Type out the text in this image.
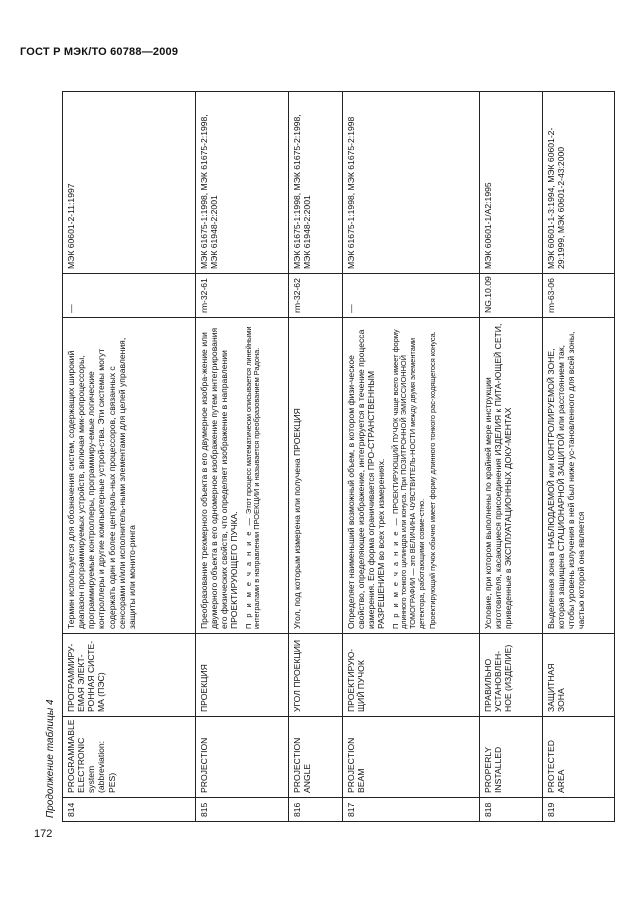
ГОСТ Р МЭК/ТО 60788—2009
Продолжение таблицы 4	814	PROGRAMMABLE ELECTRONIC system (abbreviation: PES)	ПРОГРАММИРУ-ЕМАЯ ЭЛЕКТ-РОННАЯ СИСТЕ-МА (ПЭС)	Термин используется для обозначения систем, содержащих широкий диапазон программируемых устройств, включая мик-ропроцессоры, программируемые контроллеры, программиру-емые логические контроллеры и другие компьютерные устрой-ства. Эти системы могут содержать один и более централь-ных процессоров, связанных с сенсорами и/или исполнитель-ными элементами для целей управления, защиты или монито-ринга	—	МЭК 60601-2-11:1997

815	PROJECTION	ПРОЕКЦИЯ	Преобразование трехмерного объекта в его двумерное изобра-жение или двумерного объекта в его одномерное изображение путем интегрирования его физических свойств, что определяет изображение в направлении ПРОЕКТИРУЮЩЕГО ПУЧКА. П р и м е ч а н и е — Этот процесс математически описывается линейными интегралами в направлении ПРОЕКЦИИ и называется преобразованием Радона.	rm-32-61	МЭК 61675-1:1998, МЭК 61675-2:1998, МЭК 61948-2:2001

816	PROJECTION ANGLE	УГОЛ ПРОЕКЦИИ	Угол, под которым измерена или получена ПРОЕКЦИЯ	rm-32-62	МЭК 61675-1:1998, МЭК 61675-2:1998, МЭК 61948-2:2001

817	PROJECTION BEAM	ПРОЕКТИРУЮ-ЩИЙ ПУЧОК	Определяет наименьший возможный объем, в котором физи-ческое свойство, определяющее изображение, интегрируется в течение процесса измерения. Его форма ограничивается ПРО-СТРАНСТВЕННЫМ РАЗРЕШЕНИЕМ во всех трех измерениях. П р и м е ч а н и е — ПРОЕКТИРУЮЩИЙ ПУЧОК чаще всего имеет форму длинного тонкого цилиндра или конуса. При ПОЗИТРОННОЙ ЭМИССИОННОЙ ТОМОГРАФИИ — это ВЕЛИЧИНА ЧУВСТВИТЕЛЬ-НОСТИ между двумя элементами детектора, работающими совме-стно. Проектирующий пучок обычно имеет форму длинного тонкого рас-ходящегося конуса.	—	МЭК 61675-1:1998, МЭК 61675-2:1998

818	PROPERLY INSTALLED	ПРАВИЛЬНО УСТАНОВЛЕН-НОЕ (ИЗДЕЛИЕ)	Условие, при котором выполнены по крайней мере инструкции изготовителя, касающиеся присоединения ИЗДЕЛИЯ к ПИТА-ЮЩЕЙ СЕТИ, приведенные в ЭКСПЛУАТАЦИОННЫХ ДОКУ-МЕНТАХ	NG.10.09	МЭК 60601-1/А2:1995

819	PROTECTED AREA	ЗАЩИТНАЯ ЗОНА	Выделенная зона в НАБЛЮДАЕМОЙ или КОНТРОЛИРУЕМОЙ ЗОНЕ, которая защищена СТАЦИОНАРНОЙ ЗАЩИТОЙ или расстоянием так, чтобы уровень излучения в ней был ниже ус-тановленного для всей зоны, частью которой она является	rm-63-06	МЭК 60601-1-3:1994, МЭК 60601-2-29:1999, МЭК 60601-2-43:2000
172
